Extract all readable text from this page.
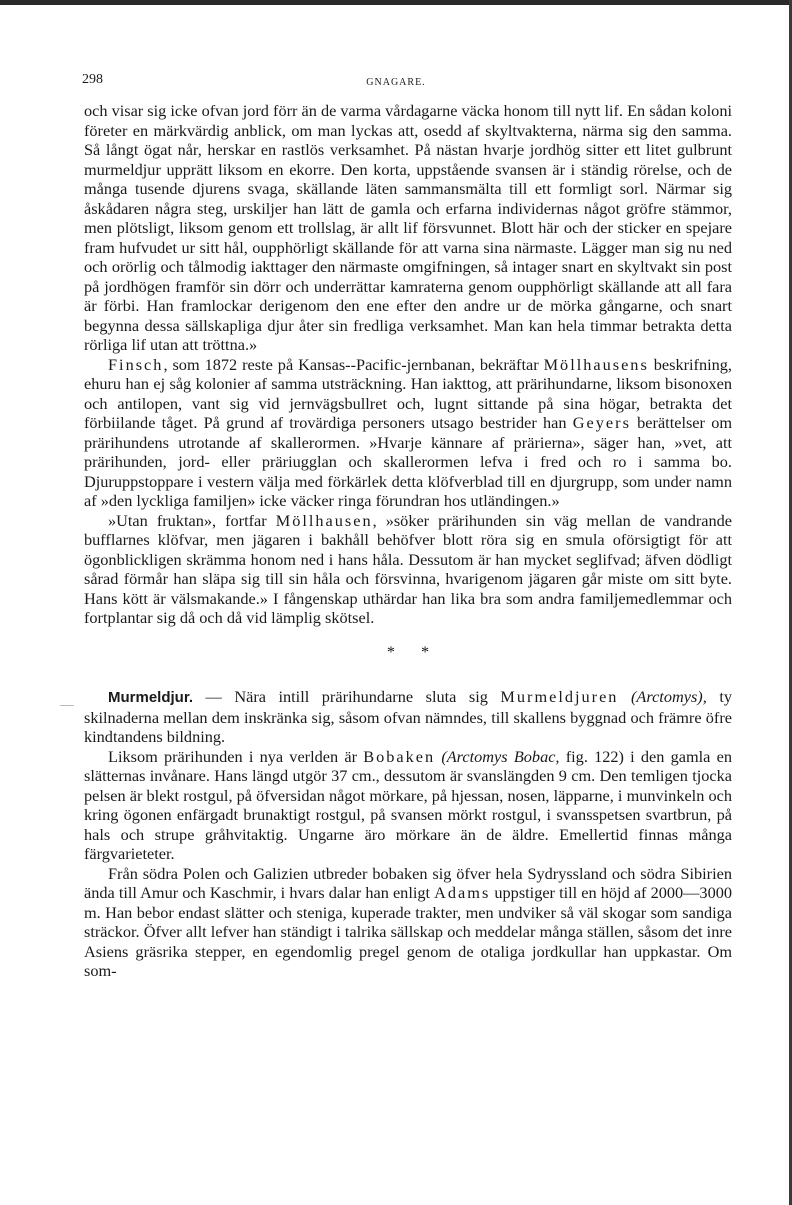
298	GNAGARE.

och visar sig icke ofvan jord förr än de varma vårdagarne väcka honom till nytt lif. En sådan koloni företer en märkvärdig anblick, om man lyckas att, osedd af skyltvakterna, närma sig den samma. Så långt ögat når, herskar en rastlös verksamhet. På nästan hvarje jordhög sitter ett litet gulbrunt murmeldjur upprätt liksom en ekorre. Den korta, uppstående svansen är i ständig rörelse, och de många tusende djurens svaga, skällande läten sammansmälta till ett formligt sorl. Närmar sig åskådaren några steg, urskiljer han lätt de gamla och erfarna individernas något gröfre stämmor, men plötsligt, liksom genom ett trollslag, är allt lif försvunnet. Blott här och der sticker en spejare fram hufvudet ur sitt hål, oupphörligt skällande för att varna sina närmaste. Lägger man sig nu ned och orörlig och tålmodig iakttager den närmaste omgifningen, så intager snart en skyltvakt sin post på jordhögen framför sin dörr och underrättar kamraterna genom oupphörligt skällande att all fara är förbi. Han framlockar derigenom den ene efter den andre ur de mörka gångarne, och snart begynna dessa sällskapliga djur åter sin fredliga verksamhet. Man kan hela timmar betrakta detta rörliga lif utan att tröttna.»

Finsch, som 1872 reste på Kansas--Pacific-jernbanan, bekräftar Möllhausens beskrifning, ehuru han ej såg kolonier af samma utsträckning. Han iakttog, att prärihundarne, liksom bisonoxen och antilopen, vant sig vid jernvägsbullret och, lugnt sittande på sina högar, betrakta det förbiilande tåget. På grund af trovärdiga personers utsago bestrider han Geyers berättelser om prärihundens utrotande af skallerormen. »Hvarje kännare af prärierna», säger han, »vet, att prärihunden, jord- eller präriugglan och skallerormen lefva i fred och ro i samma bo. Djuruppstoppare i vestern välja med förkärlek detta klöfverblad till en djurgrupp, som under namn af »den lyckliga familjen» icke väcker ringa förundran hos utländingen.»

»Utan fruktan», fortfar Möllhausen, »söker prärihunden sin väg mellan de vandrande bufflarnes klöfvar, men jägaren i bakhåll behöfver blott röra sig en smula oförsigtigt för att ögonblickligen skrämma honom ned i hans håla. Dessutom är han mycket seglifvad; äfven dödligt sårad förmår han släpa sig till sin håla och försvinna, hvarigenom jägaren går miste om sitt byte. Hans kött är välsmakande.» I fångenskap uthärdar han lika bra som andra familjemedlemmar och fortplantar sig då och då vid lämplig skötsel.

* *

Murmeldjur. — Nära intill prärihundarne sluta sig Murmeldjuren (Arctomys), ty skilnaderna mellan dem inskränka sig, såsom ofvan nämndes, till skallens byggnad och främre öfre kindtandens bildning.

Liksom prärihunden i nya verlden är Bobaken (Arctomys Bobac, fig. 122) i den gamla en slätternas invånare. Hans längd utgör 37 cm., dessutom är svanslängden 9 cm. Den temligen tjocka pelsen är blekt rostgul, på öfversidan något mörkare, på hjessan, nosen, läpparne, i munvinkeln och kring ögonen enfärgadt brunaktigt rostgul, på svansen mörkt rostgul, i svansspetsen svartbrun, på hals och strupe gråhvitaktig. Ungarne äro mörkare än de äldre. Emellertid finnas många färgvarieteter.

Från södra Polen och Galizien utbreder bobaken sig öfver hela Sydryssland och södra Sibirien ända till Amur och Kaschmir, i hvars dalar han enligt Adams uppstiger till en höjd af 2000—3000 m. Han bebor endast slätter och steniga, kuperade trakter, men undviker så väl skogar som sandiga sträckor. Öfver allt lefver han ständigt i talrika sällskap och meddelar många ställen, såsom det inre Asiens gräsrika stepper, en egendomlig pregel genom de otaliga jordkullar han uppkastar. Om som-
